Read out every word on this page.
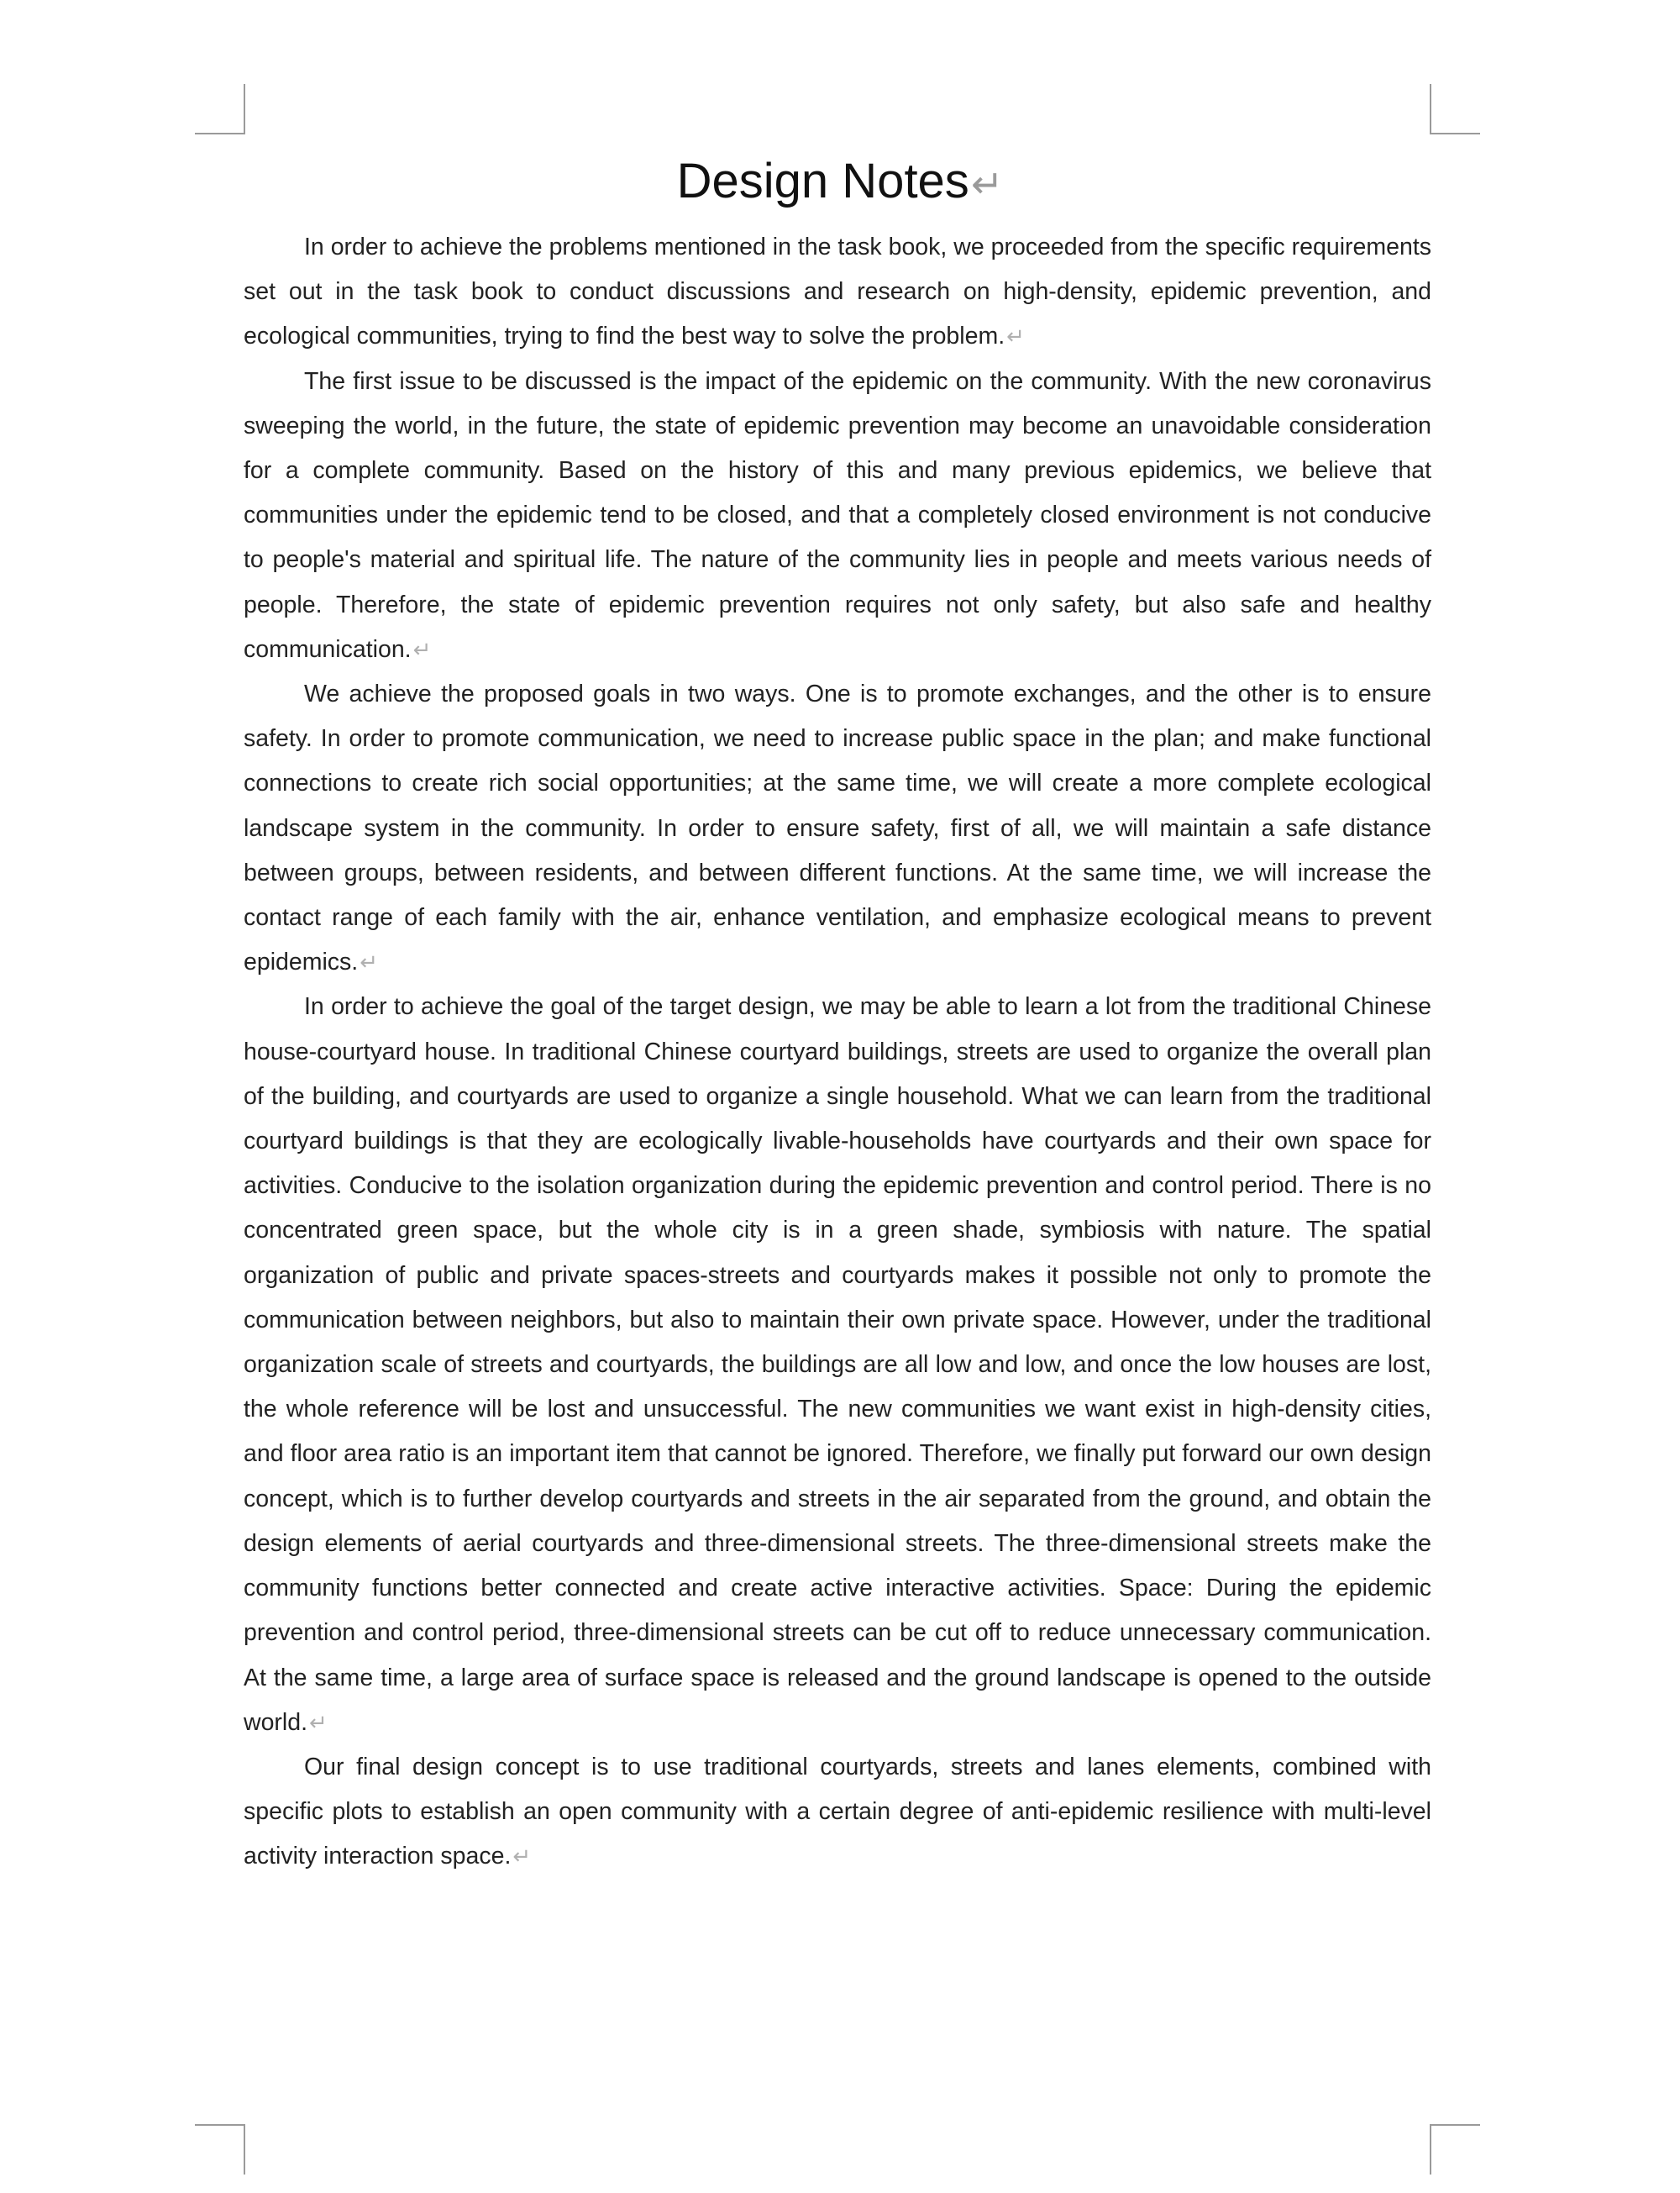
Design Notes↵

In order to achieve the problems mentioned in the task book, we proceeded from the specific requirements set out in the task book to conduct discussions and research on high-density, epidemic prevention, and ecological communities, trying to find the best way to solve the problem.↵

The first issue to be discussed is the impact of the epidemic on the community. With the new coronavirus sweeping the world, in the future, the state of epidemic prevention may become an unavoidable consideration for a complete community. Based on the history of this and many previous epidemics, we believe that communities under the epidemic tend to be closed, and that a completely closed environment is not conducive to people's material and spiritual life. The nature of the community lies in people and meets various needs of people. Therefore, the state of epidemic prevention requires not only safety, but also safe and healthy communication.↵

We achieve the proposed goals in two ways. One is to promote exchanges, and the other is to ensure safety. In order to promote communication, we need to increase public space in the plan; and make functional connections to create rich social opportunities; at the same time, we will create a more complete ecological landscape system in the community. In order to ensure safety, first of all, we will maintain a safe distance between groups, between residents, and between different functions. At the same time, we will increase the contact range of each family with the air, enhance ventilation, and emphasize ecological means to prevent epidemics.↵

In order to achieve the goal of the target design, we may be able to learn a lot from the traditional Chinese house-courtyard house. In traditional Chinese courtyard buildings, streets are used to organize the overall plan of the building, and courtyards are used to organize a single household. What we can learn from the traditional courtyard buildings is that they are ecologically livable-households have courtyards and their own space for activities. Conducive to the isolation organization during the epidemic prevention and control period. There is no concentrated green space, but the whole city is in a green shade, symbiosis with nature. The spatial organization of public and private spaces-streets and courtyards makes it possible not only to promote the communication between neighbors, but also to maintain their own private space. However, under the traditional organization scale of streets and courtyards, the buildings are all low and low, and once the low houses are lost, the whole reference will be lost and unsuccessful. The new communities we want exist in high-density cities, and floor area ratio is an important item that cannot be ignored. Therefore, we finally put forward our own design concept, which is to further develop courtyards and streets in the air separated from the ground, and obtain the design elements of aerial courtyards and three-dimensional streets. The three-dimensional streets make the community functions better connected and create active interactive activities. Space: During the epidemic prevention and control period, three-dimensional streets can be cut off to reduce unnecessary communication. At the same time, a large area of surface space is released and the ground landscape is opened to the outside world.↵

Our final design concept is to use traditional courtyards, streets and lanes elements, combined with specific plots to establish an open community with a certain degree of anti-epidemic resilience with multi-level activity interaction space.↵
